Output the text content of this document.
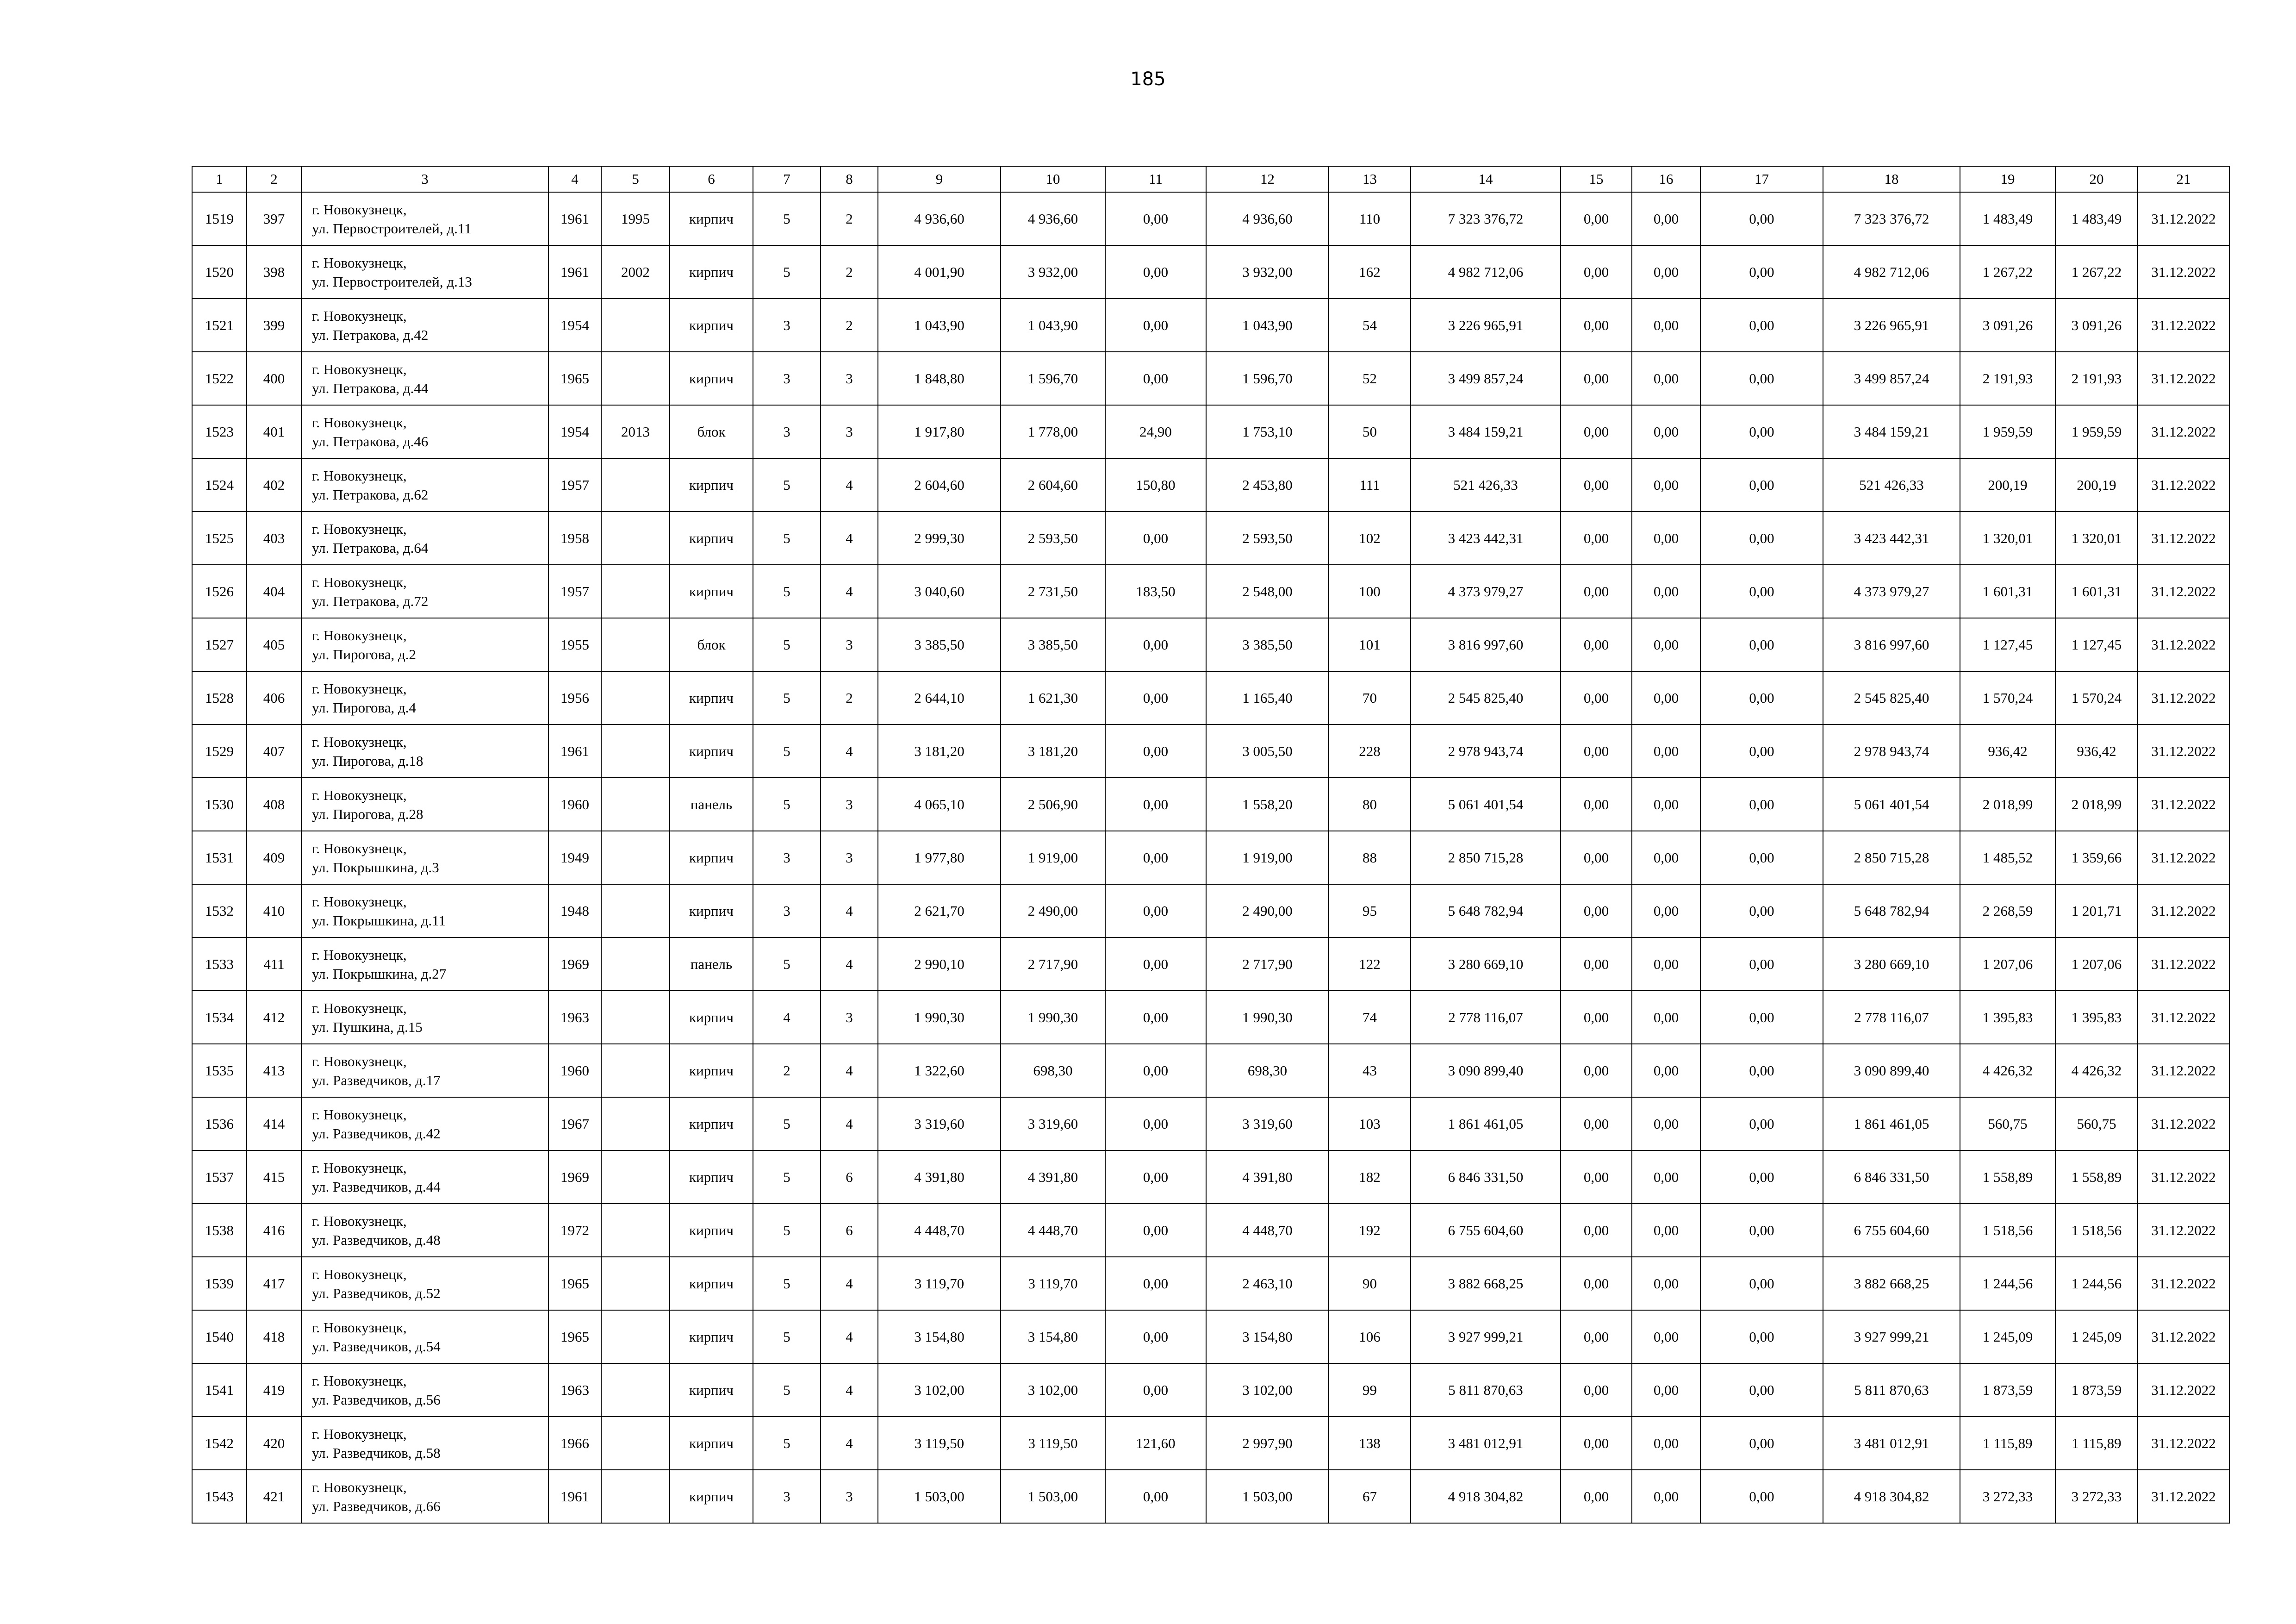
185
1	2	3	4	5	6	7	8	9	10	11	12	13	14	15	16	17	18	19	20	21
1519	397	г. Новокузнецк,
ул. Первостроителей, д.11	1961	1995	кирпич	5	2	4 936,60	4 936,60	0,00	4 936,60	110	7 323 376,72	0,00	0,00	0,00	7 323 376,72	1 483,49	1 483,49	31.12.2022
1520	398	г. Новокузнецк,
ул. Первостроителей, д.13	1961	2002	кирпич	5	2	4 001,90	3 932,00	0,00	3 932,00	162	4 982 712,06	0,00	0,00	0,00	4 982 712,06	1 267,22	1 267,22	31.12.2022
1521	399	г. Новокузнецк,
ул. Петракова, д.42	1954		кирпич	3	2	1 043,90	1 043,90	0,00	1 043,90	54	3 226 965,91	0,00	0,00	0,00	3 226 965,91	3 091,26	3 091,26	31.12.2022
1522	400	г. Новокузнецк,
ул. Петракова, д.44	1965		кирпич	3	3	1 848,80	1 596,70	0,00	1 596,70	52	3 499 857,24	0,00	0,00	0,00	3 499 857,24	2 191,93	2 191,93	31.12.2022
1523	401	г. Новокузнецк,
ул. Петракова, д.46	1954	2013	блок	3	3	1 917,80	1 778,00	24,90	1 753,10	50	3 484 159,21	0,00	0,00	0,00	3 484 159,21	1 959,59	1 959,59	31.12.2022
1524	402	г. Новокузнецк,
ул. Петракова, д.62	1957		кирпич	5	4	2 604,60	2 604,60	150,80	2 453,80	111	521 426,33	0,00	0,00	0,00	521 426,33	200,19	200,19	31.12.2022
1525	403	г. Новокузнецк,
ул. Петракова, д.64	1958		кирпич	5	4	2 999,30	2 593,50	0,00	2 593,50	102	3 423 442,31	0,00	0,00	0,00	3 423 442,31	1 320,01	1 320,01	31.12.2022
1526	404	г. Новокузнецк,
ул. Петракова, д.72	1957		кирпич	5	4	3 040,60	2 731,50	183,50	2 548,00	100	4 373 979,27	0,00	0,00	0,00	4 373 979,27	1 601,31	1 601,31	31.12.2022
1527	405	г. Новокузнецк,
ул. Пирогова, д.2	1955		блок	5	3	3 385,50	3 385,50	0,00	3 385,50	101	3 816 997,60	0,00	0,00	0,00	3 816 997,60	1 127,45	1 127,45	31.12.2022
1528	406	г. Новокузнецк,
ул. Пирогова, д.4	1956		кирпич	5	2	2 644,10	1 621,30	0,00	1 165,40	70	2 545 825,40	0,00	0,00	0,00	2 545 825,40	1 570,24	1 570,24	31.12.2022
1529	407	г. Новокузнецк,
ул. Пирогова, д.18	1961		кирпич	5	4	3 181,20	3 181,20	0,00	3 005,50	228	2 978 943,74	0,00	0,00	0,00	2 978 943,74	936,42	936,42	31.12.2022
1530	408	г. Новокузнецк,
ул. Пирогова, д.28	1960		панель	5	3	4 065,10	2 506,90	0,00	1 558,20	80	5 061 401,54	0,00	0,00	0,00	5 061 401,54	2 018,99	2 018,99	31.12.2022
1531	409	г. Новокузнецк,
ул. Покрышкина, д.3	1949		кирпич	3	3	1 977,80	1 919,00	0,00	1 919,00	88	2 850 715,28	0,00	0,00	0,00	2 850 715,28	1 485,52	1 359,66	31.12.2022
1532	410	г. Новокузнецк,
ул. Покрышкина, д.11	1948		кирпич	3	4	2 621,70	2 490,00	0,00	2 490,00	95	5 648 782,94	0,00	0,00	0,00	5 648 782,94	2 268,59	1 201,71	31.12.2022
1533	411	г. Новокузнецк,
ул. Покрышкина, д.27	1969		панель	5	4	2 990,10	2 717,90	0,00	2 717,90	122	3 280 669,10	0,00	0,00	0,00	3 280 669,10	1 207,06	1 207,06	31.12.2022
1534	412	г. Новокузнецк,
ул. Пушкина, д.15	1963		кирпич	4	3	1 990,30	1 990,30	0,00	1 990,30	74	2 778 116,07	0,00	0,00	0,00	2 778 116,07	1 395,83	1 395,83	31.12.2022
1535	413	г. Новокузнецк,
ул. Разведчиков, д.17	1960		кирпич	2	4	1 322,60	698,30	0,00	698,30	43	3 090 899,40	0,00	0,00	0,00	3 090 899,40	4 426,32	4 426,32	31.12.2022
1536	414	г. Новокузнецк,
ул. Разведчиков, д.42	1967		кирпич	5	4	3 319,60	3 319,60	0,00	3 319,60	103	1 861 461,05	0,00	0,00	0,00	1 861 461,05	560,75	560,75	31.12.2022
1537	415	г. Новокузнецк,
ул. Разведчиков, д.44	1969		кирпич	5	6	4 391,80	4 391,80	0,00	4 391,80	182	6 846 331,50	0,00	0,00	0,00	6 846 331,50	1 558,89	1 558,89	31.12.2022
1538	416	г. Новокузнецк,
ул. Разведчиков, д.48	1972		кирпич	5	6	4 448,70	4 448,70	0,00	4 448,70	192	6 755 604,60	0,00	0,00	0,00	6 755 604,60	1 518,56	1 518,56	31.12.2022
1539	417	г. Новокузнецк,
ул. Разведчиков, д.52	1965		кирпич	5	4	3 119,70	3 119,70	0,00	2 463,10	90	3 882 668,25	0,00	0,00	0,00	3 882 668,25	1 244,56	1 244,56	31.12.2022
1540	418	г. Новокузнецк,
ул. Разведчиков, д.54	1965		кирпич	5	4	3 154,80	3 154,80	0,00	3 154,80	106	3 927 999,21	0,00	0,00	0,00	3 927 999,21	1 245,09	1 245,09	31.12.2022
1541	419	г. Новокузнецк,
ул. Разведчиков, д.56	1963		кирпич	5	4	3 102,00	3 102,00	0,00	3 102,00	99	5 811 870,63	0,00	0,00	0,00	5 811 870,63	1 873,59	1 873,59	31.12.2022
1542	420	г. Новокузнецк,
ул. Разведчиков, д.58	1966		кирпич	5	4	3 119,50	3 119,50	121,60	2 997,90	138	3 481 012,91	0,00	0,00	0,00	3 481 012,91	1 115,89	1 115,89	31.12.2022
1543	421	г. Новокузнецк,
ул. Разведчиков, д.66	1961		кирпич	3	3	1 503,00	1 503,00	0,00	1 503,00	67	4 918 304,82	0,00	0,00	0,00	4 918 304,82	3 272,33	3 272,33	31.12.2022
